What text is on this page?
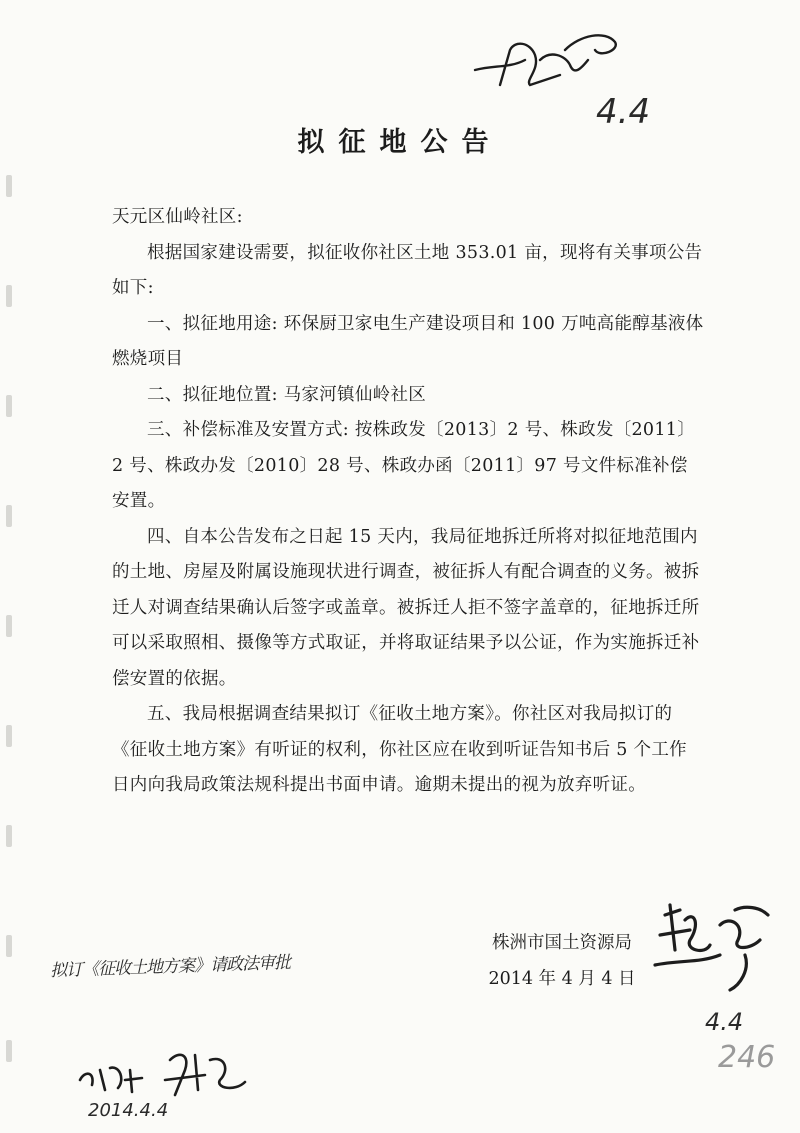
4.4
拟征地公告

天元区仙岭社区:

根据国家建设需要，拟征收你社区土地 353.01 亩，现将有关事项公告如下:

一、拟征地用途: 环保厨卫家电生产建设项目和 100 万吨高能醇基液体燃烧项目

二、拟征地位置: 马家河镇仙岭社区

三、补偿标准及安置方式: 按株政发〔2013〕2 号、株政发〔2011〕2 号、株政办发〔2010〕28 号、株政办函〔2011〕97 号文件标准补偿安置。

四、自本公告发布之日起 15 天内，我局征地拆迁所将对拟征地范围内的土地、房屋及附属设施现状进行调查，被征拆人有配合调查的义务。被拆迁人对调查结果确认后签字或盖章。被拆迁人拒不签字盖章的，征地拆迁所可以采取照相、摄像等方式取证，并将取证结果予以公证，作为实施拆迁补偿安置的依据。

五、我局根据调查结果拟订《征收土地方案》。你社区对我局拟订的《征收土地方案》有听证的权利，你社区应在收到听证告知书后 5 个工作日内向我局政策法规科提出书面申请。逾期未提出的视为放弃听证。

株洲市国土资源局
2014 年 4 月 4 日
拟订《征收土地方案》请政法审批
4.4
246
2014.4.4
